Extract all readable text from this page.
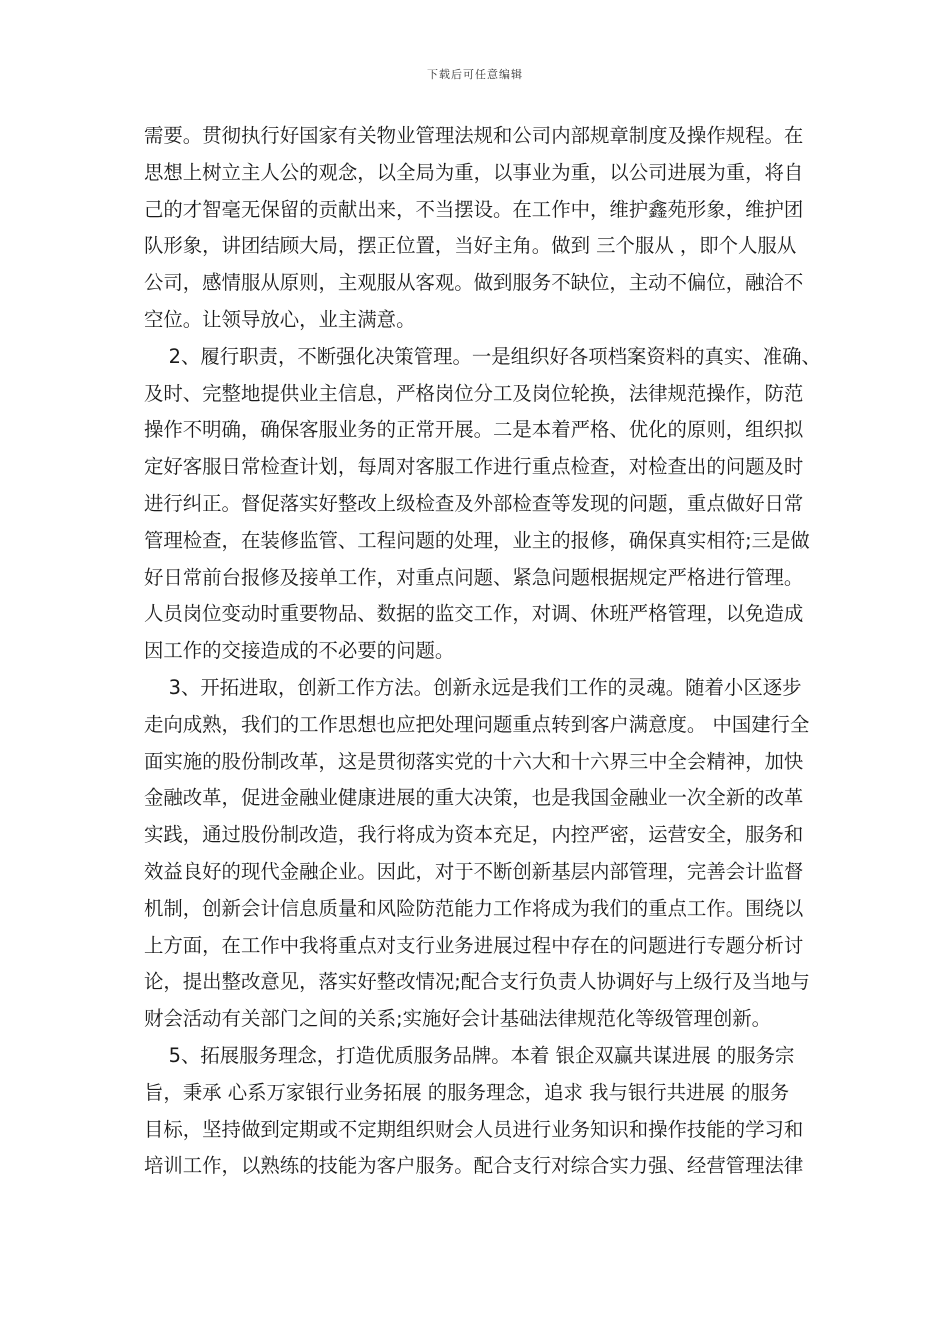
下载后可任意编辑
需要。贯彻执行好国家有关物业管理法规和公司内部规章制度及操作规程。在
思想上树立主人公的观念，以全局为重，以事业为重，以公司进展为重，将自
己的才智毫无保留的贡献出来，不当摆设。在工作中，维护鑫苑形象，维护团
队形象，讲团结顾大局，摆正位置，当好主角。做到 三个服从 ，即个人服从
公司，感情服从原则，主观服从客观。做到服务不缺位，主动不偏位，融洽不
空位。让领导放心，业主满意。
2、履行职责，不断强化决策管理。一是组织好各项档案资料的真实、准确、
及时、完整地提供业主信息，严格岗位分工及岗位轮换，法律规范操作，防范
操作不明确，确保客服业务的正常开展。二是本着严格、优化的原则，组织拟
定好客服日常检查计划，每周对客服工作进行重点检查，对检查出的问题及时
进行纠正。督促落实好整改上级检查及外部检查等发现的问题，重点做好日常
管理检查，在装修监管、工程问题的处理，业主的报修，确保真实相符;三是做
好日常前台报修及接单工作，对重点问题、紧急问题根据规定严格进行管理。
人员岗位变动时重要物品、数据的监交工作，对调、休班严格管理，以免造成
因工作的交接造成的不必要的问题。
3、开拓进取，创新工作方法。创新永远是我们工作的灵魂。随着小区逐步
走向成熟，我们的工作思想也应把处理问题重点转到客户满意度。 中国建行全
面实施的股份制改革，这是贯彻落实党的十六大和十六界三中全会精神，加快
金融改革，促进金融业健康进展的重大决策，也是我国金融业一次全新的改革
实践，通过股份制改造，我行将成为资本充足，内控严密，运营安全，服务和
效益良好的现代金融企业。因此，对于不断创新基层内部管理，完善会计监督
机制，创新会计信息质量和风险防范能力工作将成为我们的重点工作。围绕以
上方面，在工作中我将重点对支行业务进展过程中存在的问题进行专题分析讨
论，提出整改意见，落实好整改情况;配合支行负责人协调好与上级行及当地与
财会活动有关部门之间的关系;实施好会计基础法律规范化等级管理创新。
5、拓展服务理念，打造优质服务品牌。本着 银企双赢共谋进展 的服务宗
旨，秉承 心系万家银行业务拓展 的服务理念，追求 我与银行共进展 的服务
目标，坚持做到定期或不定期组织财会人员进行业务知识和操作技能的学习和
培训工作，以熟练的技能为客户服务。配合支行对综合实力强、经营管理法律
